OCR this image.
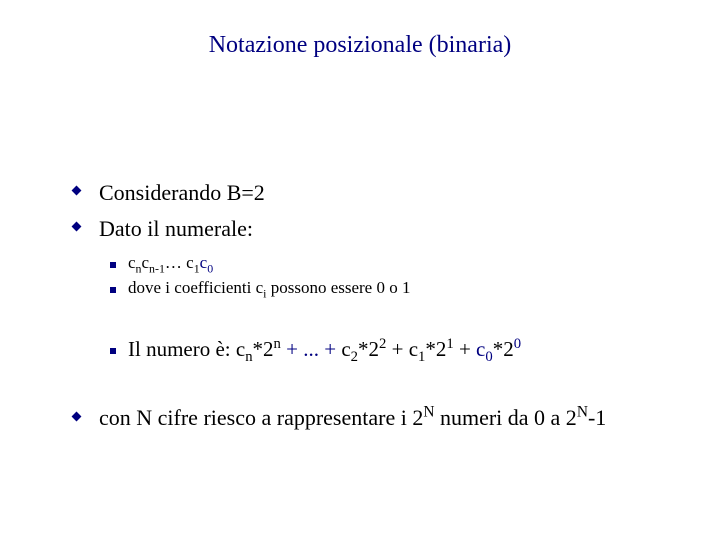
Notazione posizionale (binaria)
Considerando B=2
Dato il numerale:
$c_nc_{n-1}\dots$ $c_1c_0$
dove i coefficienti $c_i$ possono essere 0 o 1
Il numero è: $c_n*2^n$ + ... + $c_2*2^2 + c_1*2^1 + c_0*2^0$
con N cifre riesco a rappresentare i $2^N$ numeri da 0 a $2^N-1$
